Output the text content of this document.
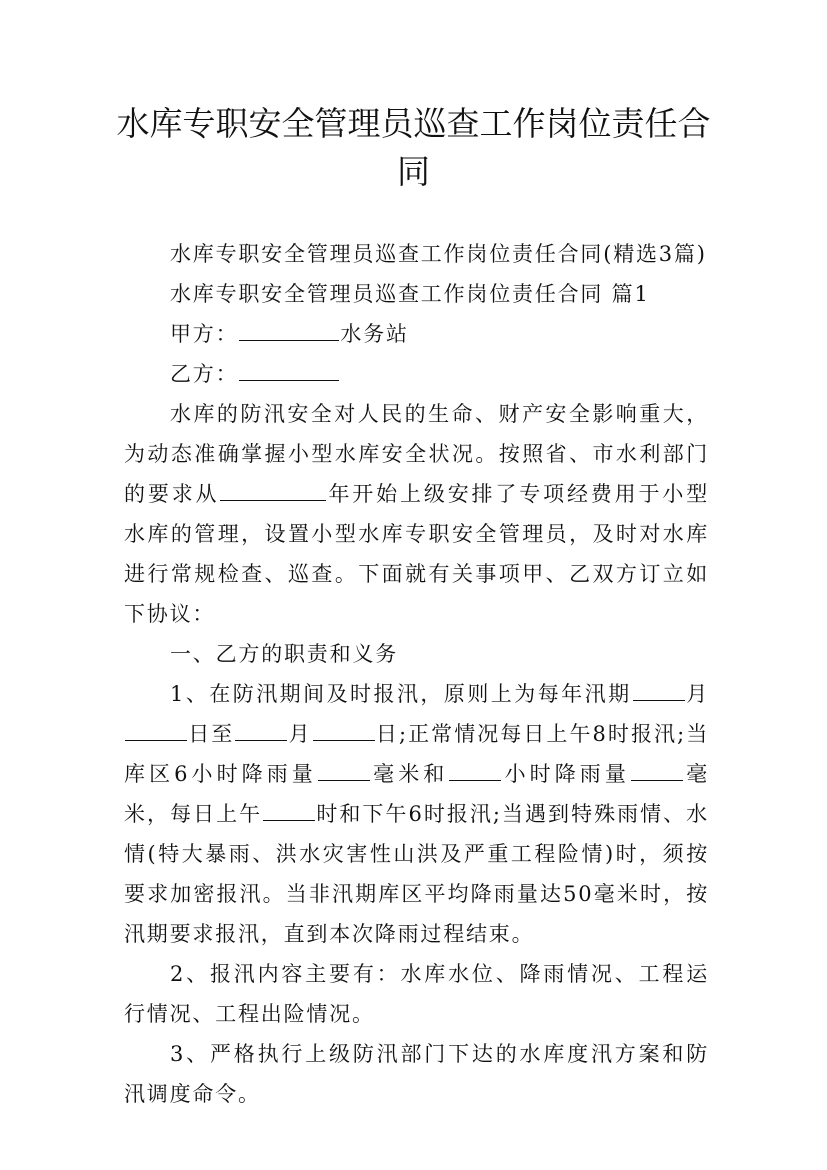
水库专职安全管理员巡查工作岗位责任合同

水库专职安全管理员巡查工作岗位责任合同(精选3篇)

水库专职安全管理员巡查工作岗位责任合同 篇1

甲方：	水务站

乙方：

水库的防汛安全对人民的生命、财产安全影响重大，为动态准确掌握小型水库安全状况。按照省、市水利部门的要求从	年开始上级安排了专项经费用于小型水库的管理，设置小型水库专职安全管理员，及时对水库进行常规检查、巡查。下面就有关事项甲、乙双方订立如下协议：

一、乙方的职责和义务

1、在防汛期间及时报汛，原则上为每年汛期	月日至	月	日;正常情况每日上午8时报汛;当库区6小时降雨量	毫米和	小时降雨量	毫米，每日上午	时和下午6时报汛;当遇到特殊雨情、水情(特大暴雨、洪水灾害性山洪及严重工程险情)时，须按要求加密报汛。当非汛期库区平均降雨量达50毫米时，按汛期要求报汛，直到本次降雨过程结束。

2、报汛内容主要有：水库水位、降雨情况、工程运行情况、工程出险情况。

3、严格执行上级防汛部门下达的水库度汛方案和防汛调度命令。
